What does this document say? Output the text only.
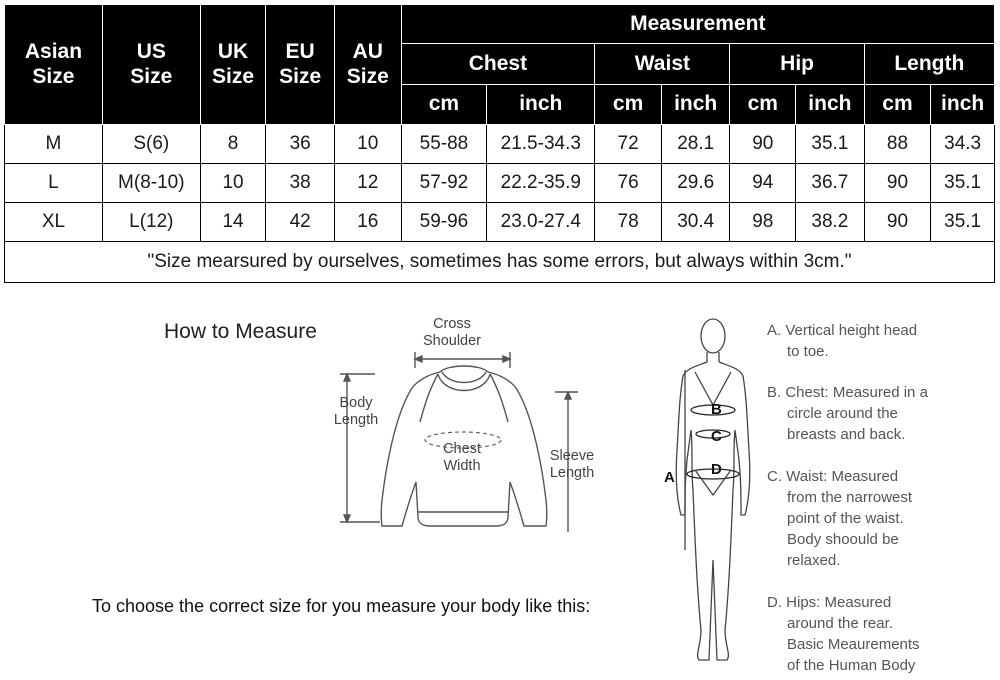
Asian
Size	US
Size	UK
Size	EU
Size	AU
Size	Measurement							
					Chest		Waist		Hip		Length	
					cm	inch	cm	inch	cm	inch	cm	inch
M	S(6)	8	36	10	55-88	21.5-34.3	72	28.1	90	35.1	88	34.3
L	M(8-10)	10	38	12	57-92	22.2-35.9	76	29.6	94	36.7	90	35.1
XL	L(12)	14	42	16	59-96	23.0-27.4	78	30.4	98	38.2	90	35.1
"Size mearsured by ourselves, sometimes has some errors, but always within 3cm."												
How to Measure	Cross
Shoulder
Body
Length
Chest
Width
Sleeve
Length
To choose the correct size for you measure your body like this:
B
C
D
A
A. Vertical height head
to toe.
B. Chest: Measured in a
circle around the
breasts and back.
C. Waist: Measured
from the narrowest
point of the waist.
Body shoould be
relaxed.
D. Hips: Measured
around the rear.
Basic Meaurements
of the Human Body
